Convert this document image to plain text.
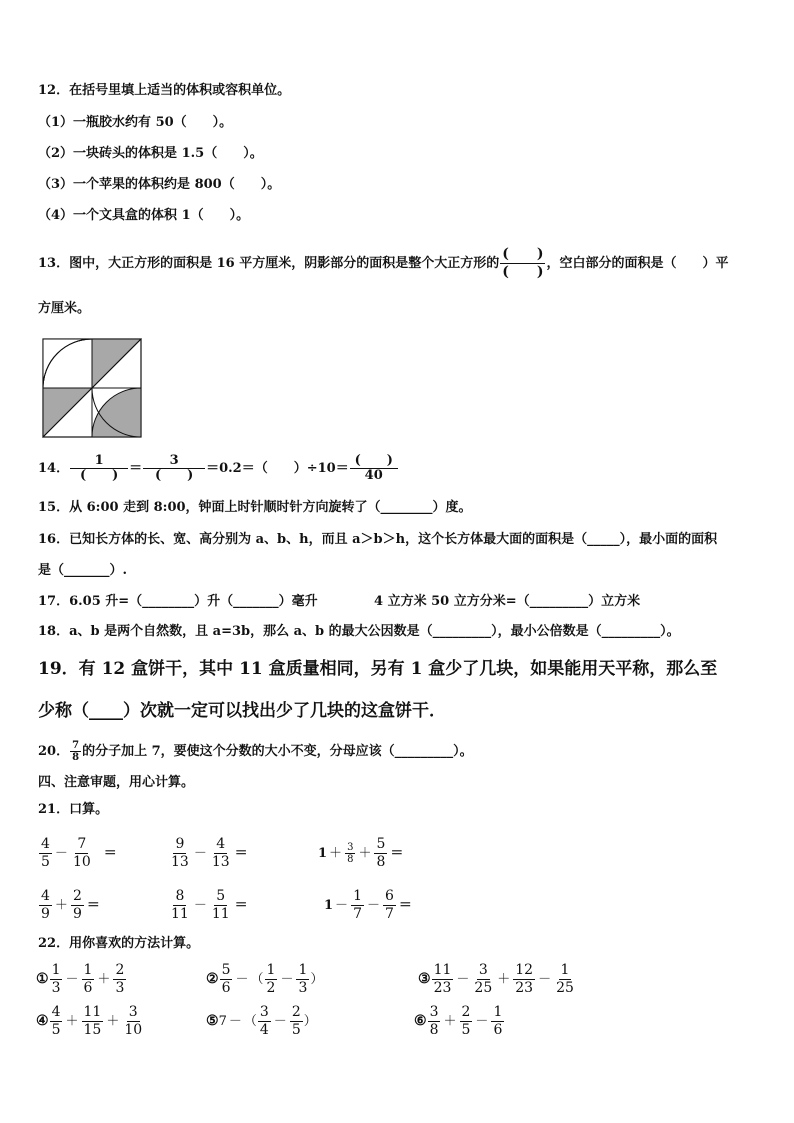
12．在括号里填上适当的体积或容积单位。
（1）一瓶胶水约有 50（　　）。
（2）一块砖头的体积是 1.5（　　）。
（3）一个苹果的体积约是 800（　　）。
（4）一个文具盒的体积 1（　　）。
13．图中，大正方形的面积是 16 平方厘米，阴影部分的面积是整个大正方形的 $\frac{( )}{( )}$ ，空白部分的面积是（　　）平
方厘米。
14． $\frac{1}{( )} = \frac{3}{( )} =0.2=$（　　）$\div 10= \frac{( )}{40}$
15．从 6:00 走到 8:00，钟面上时针顺时针方向旋转了（________）度。
16．已知长方体的长、宽、高分别为 a、b、h，而且 a＞b＞h，这个长方体最大面的面积是（_____），最小面的面积
是（_______）.
17．6.05 升=（________）升（_______）毫升	4 立方米 50 立方分米=（_________）立方米
18．a、b 是两个自然数，且 a=3b，那么 a、b 的最大公因数是（_________），最小公倍数是（_________）。
19．有 12 盒饼干，其中 11 盒质量相同，另有 1 盒少了几块，如果能用天平称，那么至
少称（____）次就一定可以找出少了几块的这盒饼干．
20． $\frac{7}{8}$ 的分子加上 7，要使这个分数的大小不变，分母应该（_________）。
四、注意审题，用心计算。
21．口算。
$\frac{4}{5} - \frac{7}{10}$ ＝	$\frac{9}{13} - \frac{4}{13}$ ＝	$1 + \frac{3}{8} + \frac{5}{8}$ ＝
$\frac{4}{9} + \frac{2}{9}$ ＝	$\frac{8}{11} - \frac{5}{11}$ ＝	$1 - \frac{1}{7} - \frac{6}{7}$ ＝
22．用你喜欢的方法计算。
① $\frac{1}{3} - \frac{1}{6} + \frac{2}{3}$	② $\frac{5}{6}$ － （ $\frac{1}{2} - \frac{1}{3}$ ）	③ $\frac{11}{23} - \frac{3}{25} + \frac{12}{23} - \frac{1}{25}$
④ $\frac{4}{5} + \frac{11}{15} + \frac{3}{10}$	⑤7 － （ $\frac{3}{4} - \frac{2}{5}$ ）	⑥ $\frac{3}{8} + \frac{2}{5} - \frac{1}{6}$
